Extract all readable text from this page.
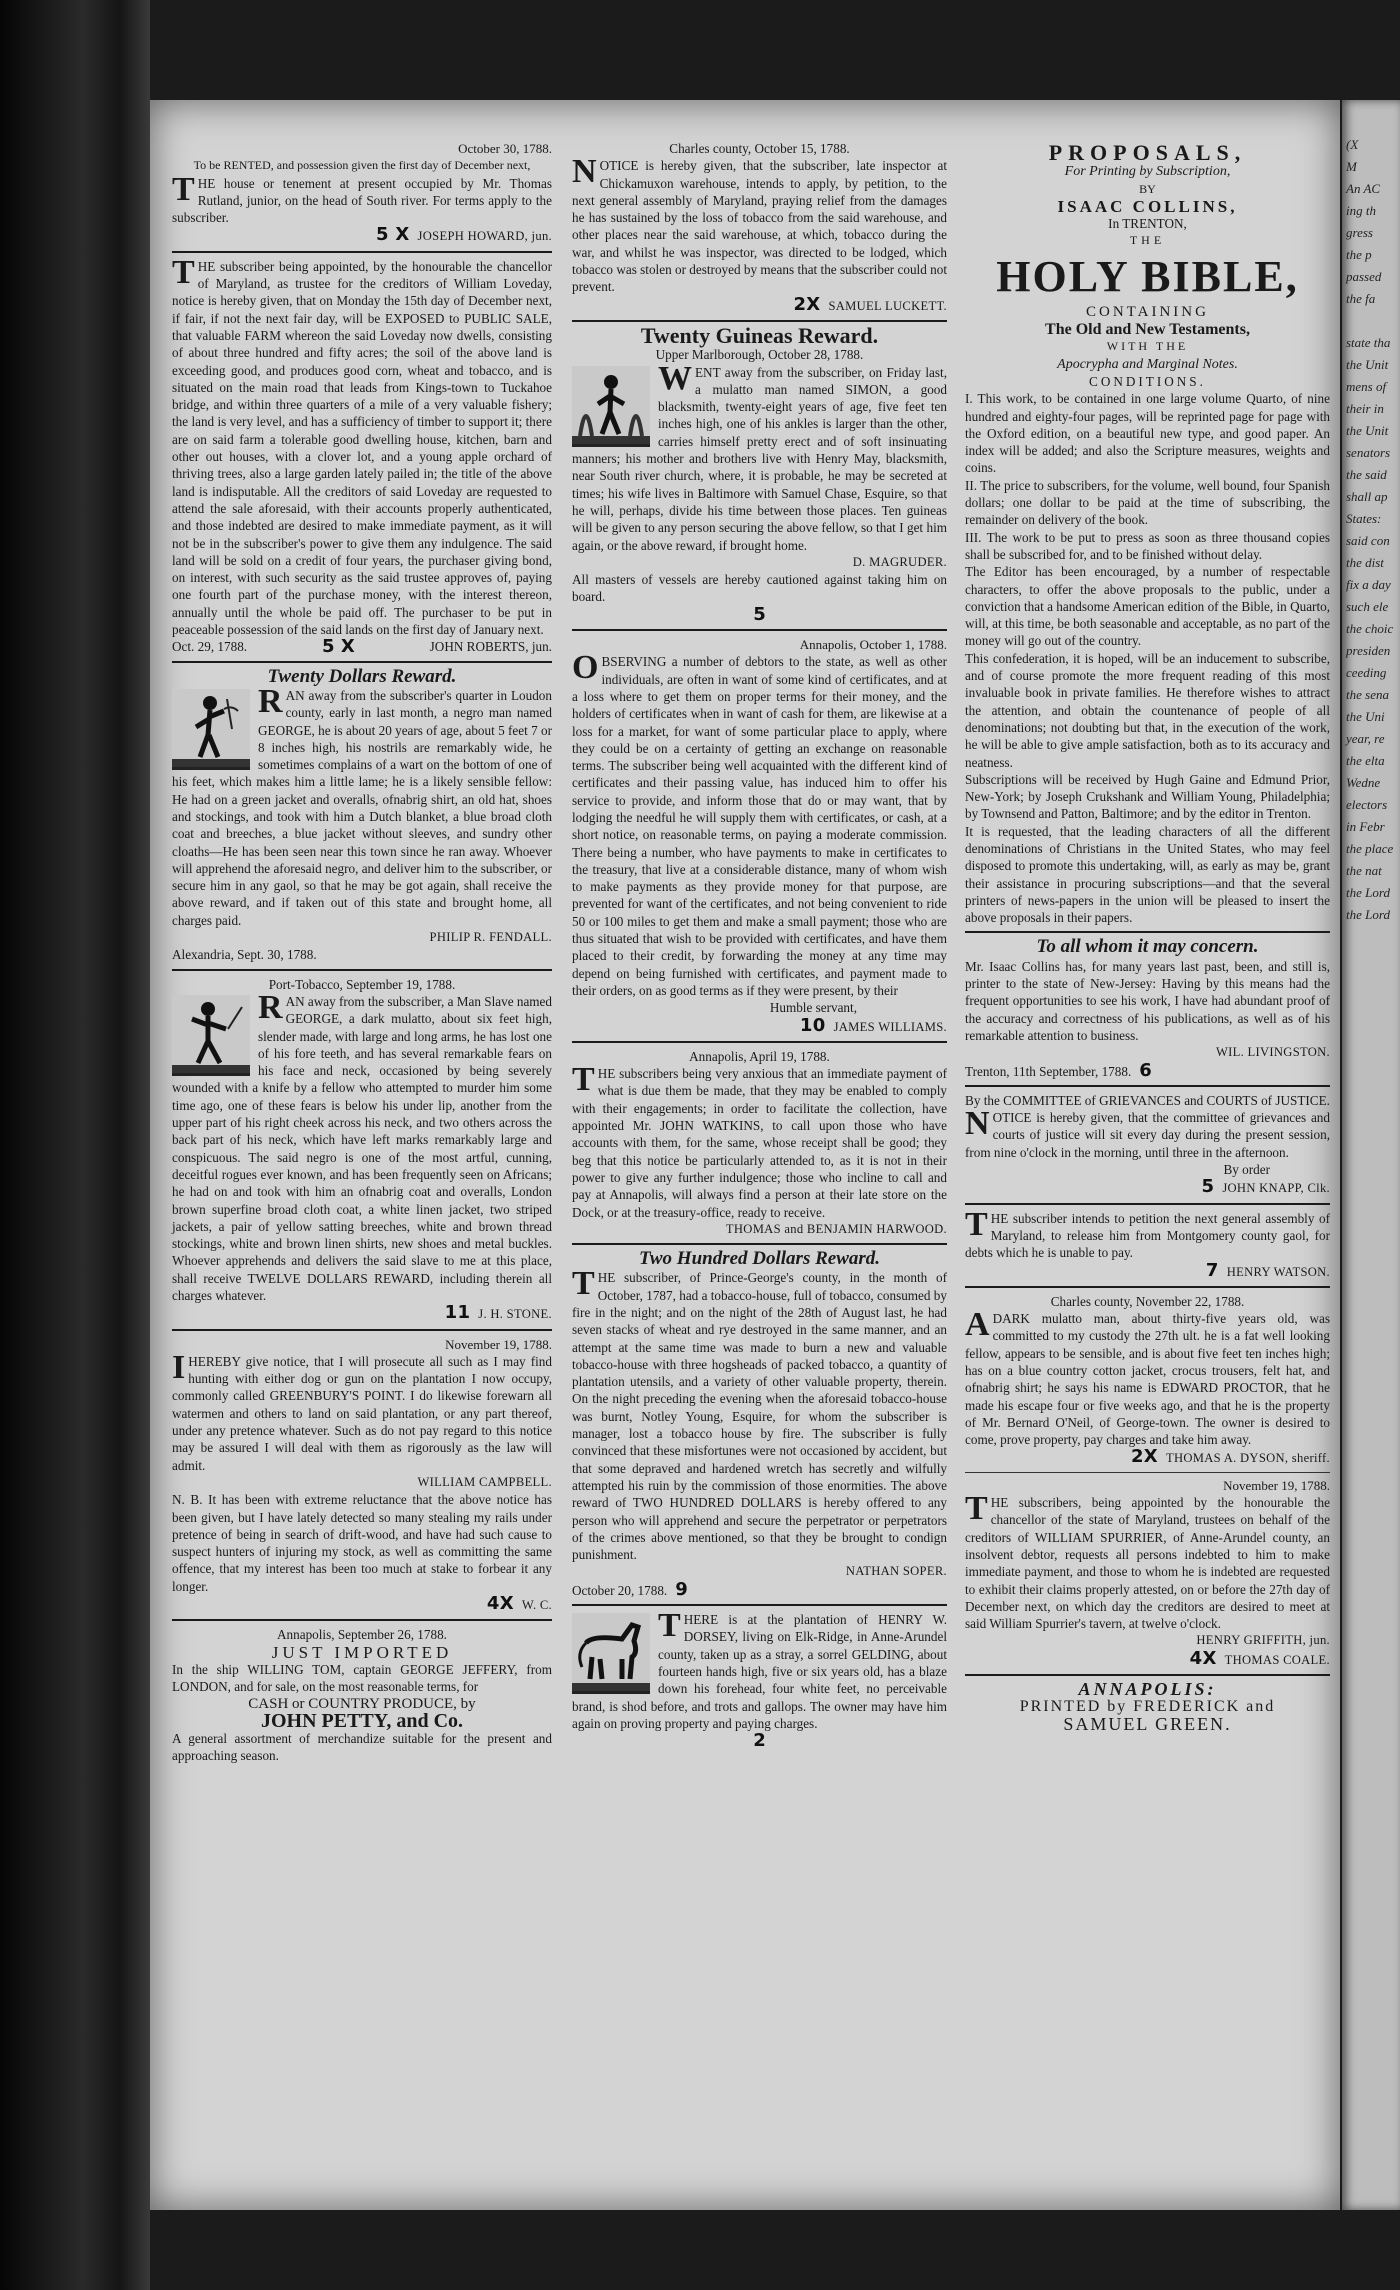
October 30, 1788.
To be RENTED, and possession given the first day of December next,
THE house or tenement at present occupied by Mr. Thomas Rutland, junior, on the head of South river. For terms apply to the subscriber.
5 X JOSEPH HOWARD, jun.
THE subscriber being appointed, by the honourable the chancellor of Maryland, as trustee for the creditors of William Loveday, notice is hereby given, that on Monday the 15th day of December next, if fair, if not the next fair day, will be EXPOSED to PUBLIC SALE, that valuable FARM whereon the said Loveday now dwells, consisting of about three hundred and fifty acres; the soil of the above land is exceeding good, and produces good corn, wheat and tobacco, and is situated on the main road that leads from Kings-town to Tuckahoe bridge, and within three quarters of a mile of a very valuable fishery; the land is very level, and has a sufficiency of timber to support it; there are on said farm a tolerable good dwelling house, kitchen, barn and other out houses, with a clover lot, and a young apple orchard of thriving trees, also a large garden lately pailed in; the title of the above land is indisputable. All the creditors of said Loveday are requested to attend the sale aforesaid, with their accounts properly authenticated, and those indebted are desired to make immediate payment, as it will not be in the subscriber's power to give them any indulgence. The said land will be sold on a credit of four years, the purchaser giving bond, on interest, with such security as the said trustee approves of, paying one fourth part of the purchase money, with the interest thereon, annually until the whole be paid off. The purchaser to be put in peaceable possession of the said lands on the first day of January next.
Oct. 29, 1788.	5 X	JOHN ROBERTS, jun.
Twenty Dollars Reward.
RAN away from the subscriber's quarter in Loudon county, early in last month, a negro man named GEORGE, he is about 20 years of age, about 5 feet 7 or 8 inches high, his nostrils are remarkably wide, he sometimes complains of a wart on the bottom of one of his feet, which makes him a little lame; he is a likely sensible fellow: He had on a green jacket and overalls, ofnabrig shirt, an old hat, shoes and stockings, and took with him a Dutch blanket, a blue broad cloth coat and breeches, a blue jacket without sleeves, and sundry other cloaths—He has been seen near this town since he ran away. Whoever will apprehend the aforesaid negro, and deliver him to the subscriber, or secure him in any gaol, so that he may be got again, shall receive the above reward, and if taken out of this state and brought home, all charges paid.
PHILIP R. FENDALL.
Alexandria, Sept. 30, 1788.
Port-Tobacco, September 19, 1788.
RAN away from the subscriber, a Man Slave named GEORGE, a dark mulatto, about six feet high, slender made, with large and long arms, he has lost one of his fore teeth, and has several remarkable fears on his face and neck, occasioned by being severely wounded with a knife by a fellow who attempted to murder him some time ago, one of these fears is below his under lip, another from the upper part of his right cheek across his neck, and two others across the back part of his neck, which have left marks remarkably large and conspicuous. The said negro is one of the most artful, cunning, deceitful rogues ever known, and has been frequently seen on Africans; he had on and took with him an ofnabrig coat and overalls, London brown superfine broad cloth coat, a white linen jacket, two striped jackets, a pair of yellow satting breeches, white and brown thread stockings, white and brown linen shirts, new shoes and metal buckles. Whoever apprehends and delivers the said slave to me at this place, shall receive TWELVE DOLLARS REWARD, including therein all charges whatever.
11 J. H. STONE.
November 19, 1788.
IHEREBY give notice, that I will prosecute all such as I may find hunting with either dog or gun on the plantation I now occupy, commonly called GREENBURY'S POINT. I do likewise forewarn all watermen and others to land on said plantation, or any part thereof, under any pretence whatever. Such as do not pay regard to this notice may be assured I will deal with them as rigorously as the law will admit.
WILLIAM CAMPBELL.
N. B. It has been with extreme reluctance that the above notice has been given, but I have lately detected so many stealing my rails under pretence of being in search of drift-wood, and have had such cause to suspect hunters of injuring my stock, as well as committing the same offence, that my interest has been too much at stake to forbear it any longer.
4X W. C.
Annapolis, September 26, 1788.
JUST IMPORTED
In the ship WILLING TOM, captain GEORGE JEFFERY, from LONDON, and for sale, on the most reasonable terms, for
CASH or COUNTRY PRODUCE, by
JOHN PETTY, and Co.
A general assortment of merchandize suitable for the present and approaching season.
Charles county, October 15, 1788.
NOTICE is hereby given, that the subscriber, late inspector at Chickamuxon warehouse, intends to apply, by petition, to the next general assembly of Maryland, praying relief from the damages he has sustained by the loss of tobacco from the said warehouse, and other places near the said warehouse, at which, tobacco during the war, and whilst he was inspector, was directed to be lodged, which tobacco was stolen or destroyed by means that the subscriber could not prevent.
2X SAMUEL LUCKETT.
Twenty Guineas Reward.
Upper Marlborough, October 28, 1788.
WENT away from the subscriber, on Friday last, a mulatto man named SIMON, a good blacksmith, twenty-eight years of age, five feet ten inches high, one of his ankles is larger than the other, carries himself pretty erect and of soft insinuating manners; his mother and brothers live with Henry May, blacksmith, near South river church, where, it is probable, he may be secreted at times; his wife lives in Baltimore with Samuel Chase, Esquire, so that he will, perhaps, divide his time between those places. Ten guineas will be given to any person securing the above fellow, so that I get him again, or the above reward, if brought home.
D. MAGRUDER.
All masters of vessels are hereby cautioned against taking him on board.
5
Annapolis, October 1, 1788.
OBSERVING a number of debtors to the state, as well as other individuals, are often in want of some kind of certificates, and at a loss where to get them on proper terms for their money, and the holders of certificates when in want of cash for them, are likewise at a loss for a market, for want of some particular place to apply, where they could be on a certainty of getting an exchange on reasonable terms. The subscriber being well acquainted with the different kind of certificates and their passing value, has induced him to offer his service to provide, and inform those that do or may want, that by lodging the needful he will supply them with certificates, or cash, at a short notice, on reasonable terms, on paying a moderate commission. There being a number, who have payments to make in certificates to the treasury, that live at a considerable distance, many of whom wish to make payments as they provide money for that purpose, are prevented for want of the certificates, and not being convenient to ride 50 or 100 miles to get them and make a small payment; those who are thus situated that wish to be provided with certificates, and have them placed to their credit, by forwarding the money at any time may depend on being furnished with certificates, and payment made to their orders, on as good terms as if they were present, by their
Humble servant,
10 JAMES WILLIAMS.
Annapolis, April 19, 1788.
THE subscribers being very anxious that an immediate payment of what is due them be made, that they may be enabled to comply with their engagements; in order to facilitate the collection, have appointed Mr. JOHN WATKINS, to call upon those who have accounts with them, for the same, whose receipt shall be good; they beg that this notice be particularly attended to, as it is not in their power to give any further indulgence; those who incline to call and pay at Annapolis, will always find a person at their late store on the Dock, or at the treasury-office, ready to receive.
THOMAS and BENJAMIN HARWOOD.
Two Hundred Dollars Reward.
THE subscriber, of Prince-George's county, in the month of October, 1787, had a tobacco-house, full of tobacco, consumed by fire in the night; and on the night of the 28th of August last, he had seven stacks of wheat and rye destroyed in the same manner, and an attempt at the same time was made to burn a new and valuable tobacco-house with three hogsheads of packed tobacco, a quantity of plantation utensils, and a variety of other valuable property, therein. On the night preceding the evening when the aforesaid tobacco-house was burnt, Notley Young, Esquire, for whom the subscriber is manager, lost a tobacco house by fire. The subscriber is fully convinced that these misfortunes were not occasioned by accident, but that some depraved and hardened wretch has secretly and wilfully attempted his ruin by the commission of those enormities. The above reward of TWO HUNDRED DOLLARS is hereby offered to any person who will apprehend and secure the perpetrator or perpetrators of the crimes above mentioned, so that they be brought to condign punishment.
NATHAN SOPER.
October 20, 1788. 9
THERE is at the plantation of HENRY W. DORSEY, living on Elk-Ridge, in Anne-Arundel county, taken up as a stray, a sorrel GELDING, about fourteen hands high, five or six years old, has a blaze down his forehead, four white feet, no perceivable brand, is shod before, and trots and gallops. The owner may have him again on proving property and paying charges.
2
PROPOSALS,
For Printing by Subscription,
BY
ISAAC COLLINS,
In TRENTON,
THE
HOLY BIBLE,
CONTAINING
The Old and New Testaments,
WITH THE
Apocrypha and Marginal Notes.
CONDITIONS.
I. This work, to be contained in one large volume Quarto, of nine hundred and eighty-four pages, will be reprinted page for page with the Oxford edition, on a beautiful new type, and good paper. An index will be added; and also the Scripture measures, weights and coins.
II. The price to subscribers, for the volume, well bound, four Spanish dollars; one dollar to be paid at the time of subscribing, the remainder on delivery of the book.
III. The work to be put to press as soon as three thousand copies shall be subscribed for, and to be finished without delay.
The Editor has been encouraged, by a number of respectable characters, to offer the above proposals to the public, under a conviction that a handsome American edition of the Bible, in Quarto, will, at this time, be both seasonable and acceptable, as no part of the money will go out of the country.
This confederation, it is hoped, will be an inducement to subscribe, and of course promote the more frequent reading of this most invaluable book in private families. He therefore wishes to attract the attention, and obtain the countenance of people of all denominations; not doubting but that, in the execution of the work, he will be able to give ample satisfaction, both as to its accuracy and neatness.
Subscriptions will be received by Hugh Gaine and Edmund Prior, New-York; by Joseph Crukshank and William Young, Philadelphia; by Townsend and Patton, Baltimore; and by the editor in Trenton.
It is requested, that the leading characters of all the different denominations of Christians in the United States, who may feel disposed to promote this undertaking, will, as early as may be, grant their assistance in procuring subscriptions—and that the several printers of news-papers in the union will be pleased to insert the above proposals in their papers.
To all whom it may concern.
Mr. Isaac Collins has, for many years last past, been, and still is, printer to the state of New-Jersey: Having by this means had the frequent opportunities to see his work, I have had abundant proof of the accuracy and correctness of his publications, as well as of his remarkable attention to business.
WIL. LIVINGSTON.
Trenton, 11th September, 1788. 6
By the COMMITTEE of GRIEVANCES and COURTS of JUSTICE.
NOTICE is hereby given, that the committee of grievances and courts of justice will sit every day during the present session, from nine o'clock in the morning, until three in the afternoon.
By order
5 JOHN KNAPP, Clk.
THE subscriber intends to petition the next general assembly of Maryland, to release him from Montgomery county gaol, for debts which he is unable to pay.
7 HENRY WATSON.
Charles county, November 22, 1788.
ADARK mulatto man, about thirty-five years old, was committed to my custody the 27th ult. he is a fat well looking fellow, appears to be sensible, and is about five feet ten inches high; has on a blue country cotton jacket, crocus trousers, felt hat, and ofnabrig shirt; he says his name is EDWARD PROCTOR, that he made his escape four or five weeks ago, and that he is the property of Mr. Bernard O'Neil, of George-town. The owner is desired to come, prove property, pay charges and take him away.
2X THOMAS A. DYSON, sheriff.
November 19, 1788.
THE subscribers, being appointed by the honourable the chancellor of the state of Maryland, trustees on behalf of the creditors of WILLIAM SPURRIER, of Anne-Arundel county, an insolvent debtor, requests all persons indebted to him to make immediate payment, and those to whom he is indebted are requested to exhibit their claims properly attested, on or before the 27th day of December next, on which day the creditors are desired to meet at said William Spurrier's tavern, at twelve o'clock.
HENRY GRIFFITH, jun.
4X THOMAS COALE.
ANNAPOLIS:
PRINTED by FREDERICK and
SAMUEL GREEN.
(X
M
An AC
ing th
gress
the p
passed
the fa

state tha
the Unit
mens of
their in
the Unit
senators
the said
shall ap
States:
said con
the dist
fix a day
such ele
the choic
presiden
ceeding
the sena
the Uni
year, re
the elta
Wedne
electors
in Febr
the place
the nat
the Lord
the Lord
